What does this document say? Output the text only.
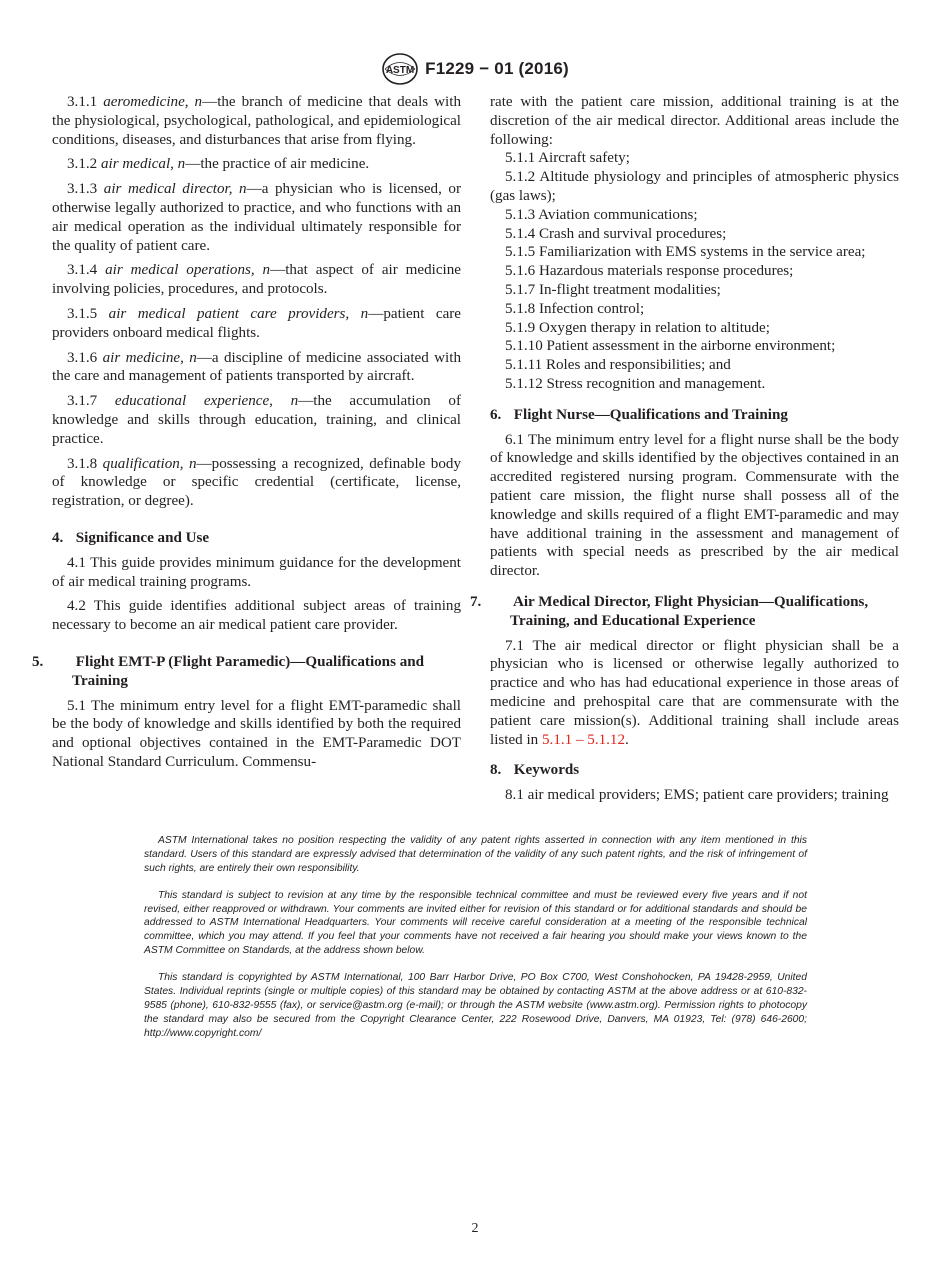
ASTM F1229 − 01 (2016)

3.1.1 aeromedicine, n—the branch of medicine that deals with the physiological, psychological, pathological, and epidemiological conditions, diseases, and disturbances that arise from flying.

3.1.2 air medical, n—the practice of air medicine.

3.1.3 air medical director, n—a physician who is licensed, or otherwise legally authorized to practice, and who functions with an air medical operation as the individual ultimately responsible for the quality of patient care.

3.1.4 air medical operations, n—that aspect of air medicine involving policies, procedures, and protocols.

3.1.5 air medical patient care providers, n—patient care providers onboard medical flights.

3.1.6 air medicine, n—a discipline of medicine associated with the care and management of patients transported by aircraft.

3.1.7 educational experience, n—the accumulation of knowledge and skills through education, training, and clinical practice.

3.1.8 qualification, n—possessing a recognized, definable body of knowledge or specific credential (certificate, license, registration, or degree).

4. Significance and Use

4.1 This guide provides minimum guidance for the development of air medical training programs.

4.2 This guide identifies additional subject areas of training necessary to become an air medical patient care provider.

5. Flight EMT-P (Flight Paramedic)—Qualifications and Training

5.1 The minimum entry level for a flight EMT-paramedic shall be the body of knowledge and skills identified by both the required and optional objectives contained in the EMT-Paramedic DOT National Standard Curriculum. Commensu-

rate with the patient care mission, additional training is at the discretion of the air medical director. Additional areas include the following:

5.1.1 Aircraft safety;
5.1.2 Altitude physiology and principles of atmospheric physics (gas laws);
5.1.3 Aviation communications;
5.1.4 Crash and survival procedures;
5.1.5 Familiarization with EMS systems in the service area;
5.1.6 Hazardous materials response procedures;
5.1.7 In-flight treatment modalities;
5.1.8 Infection control;
5.1.9 Oxygen therapy in relation to altitude;
5.1.10 Patient assessment in the airborne environment;
5.1.11 Roles and responsibilities; and
5.1.12 Stress recognition and management.
6. Flight Nurse—Qualifications and Training

6.1 The minimum entry level for a flight nurse shall be the body of knowledge and skills identified by the objectives contained in an accredited registered nursing program. Commensurate with the patient care mission, the flight nurse shall possess all of the knowledge and skills required of a flight EMT-paramedic and may have additional training in the assessment and management of patients with special needs as prescribed by the air medical director.

7. Air Medical Director, Flight Physician—Qualifications, Training, and Educational Experience

7.1 The air medical director or flight physician shall be a physician who is licensed or otherwise legally authorized to practice and who has had educational experience in those areas of medicine and prehospital care that are commensurate with the patient care mission(s). Additional training shall include areas listed in 5.1.1 – 5.1.12.

8. Keywords

8.1 air medical providers; EMS; patient care providers; training

ASTM International takes no position respecting the validity of any patent rights asserted in connection with any item mentioned in this standard. Users of this standard are expressly advised that determination of the validity of any such patent rights, and the risk of infringement of such rights, are entirely their own responsibility.

This standard is subject to revision at any time by the responsible technical committee and must be reviewed every five years and if not revised, either reapproved or withdrawn. Your comments are invited either for revision of this standard or for additional standards and should be addressed to ASTM International Headquarters. Your comments will receive careful consideration at a meeting of the responsible technical committee, which you may attend. If you feel that your comments have not received a fair hearing you should make your views known to the ASTM Committee on Standards, at the address shown below.

This standard is copyrighted by ASTM International, 100 Barr Harbor Drive, PO Box C700, West Conshohocken, PA 19428-2959, United States. Individual reprints (single or multiple copies) of this standard may be obtained by contacting ASTM at the above address or at 610-832-9585 (phone), 610-832-9555 (fax), or service@astm.org (e-mail); or through the ASTM website (www.astm.org). Permission rights to photocopy the standard may also be secured from the Copyright Clearance Center, 222 Rosewood Drive, Danvers, MA 01923, Tel: (978) 646-2600; http://www.copyright.com/

2
